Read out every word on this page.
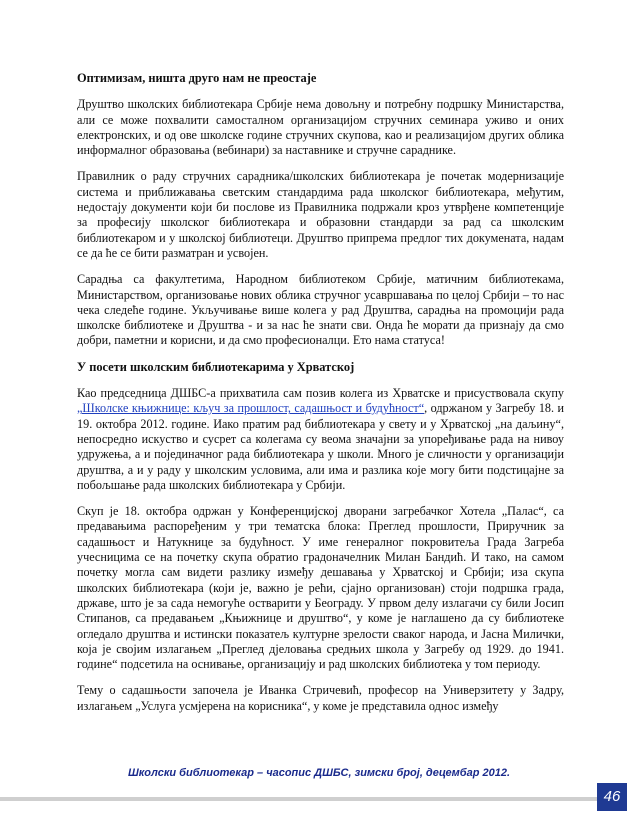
Оптимизам, ништа друго нам не преостаје

Друштво школских библиотекара Србије нема довољну и потребну подршку Министарства, али се може похвалити самосталном организацијом стручних семинара уживо и оних електронских, и од ове школске године стручних скупова, као и реализацијом других облика информалног образовања (вебинари) за наставнике и стручне сараднике.

Правилник о раду стручних сарадника/школских библиотекара је почетак модернизације система и приближавања светским стандардима рада школског библиотекара, међутим, недостају документи који би послове из Правилника подржали кроз утврђене компетенције за професију школског библиотекара и образовни стандарди за рад са школским библиотекаром и у школској библиотеци. Друштво припрема предлог тих докумената, надам се да ће се бити разматран и усвојен.

Сарадња са факултетима, Народном библиотеком Србије, матичним библиотекама, Министарством, организовање нових облика стручног усавршавања по целој Србији – то нас чека следеће године. Укључивање више колега у рад Друштва, сарадња на промоцији рада школске библиотеке и Друштва - и за нас ће знати сви. Онда ће морати да признају да смо добри, паметни и корисни, и да смо професионалци. Ето нама статуса!

У посети школским библиотекарима у Хрватској

Као председница ДШБС-а прихватила сам позив колега из Хрватске и присуствовала скупу „Школске књижнице: кључ за прошлост, садашњост и будућност“, одржаном у Загребу 18. и 19. октобра 2012. године. Иако пратим рад библиотекара у свету и у Хрватској „на даљину“, непосредно искуство и сусрет са колегама су веома значајни за упоређивање рада на нивоу удружења, а и појединачног рада библиотекара у школи. Много је сличности у организацији друштва, а и у раду у школским условима, али има и разлика које могу бити подстицајне за побољшање рада школских библиотекара у Србији.

Скуп је 18. октобра одржан у Конференцијској дворани загребачког Хотела „Палас“, са предавањима распоређеним у три тематска блока: Преглед прошлости, Приручник за садашњост и Натукнице за будућност. У име генералног покровитеља Града Загреба учесницима се на почетку скупа обратио градоначелник Милан Бандић. И тако, на самом почетку могла сам видети разлику између дешавања у Хрватској и Србији; иза скупа школских библиотекара (који је, важно је рећи, сјајно организован) стоји подршка града, државе, што је за сада немогуће остварити у Београду. У првом делу излагачи су били Јосип Стипанов, са предавањем „Књижнице и друштво“, у коме је наглашено да су библиотеке огледало друштва и истински показатељ културне зрелости сваког народа, и Јасна Милички, која је својим излагањем „Преглед дјеловања средњих школа у Загребу од 1929. до 1941. године“ подсетила на оснивање, организацију и рад школских библиотека у том периоду.

Тему о садашњости започела је Иванка Стричевић, професор на Универзитету у Задру, излагањем „Услуга усмјерена на корисника“, у коме је представила однос између

Школски библиотекар – часопис ДШБС, зимски број, децембар 2012.
46
